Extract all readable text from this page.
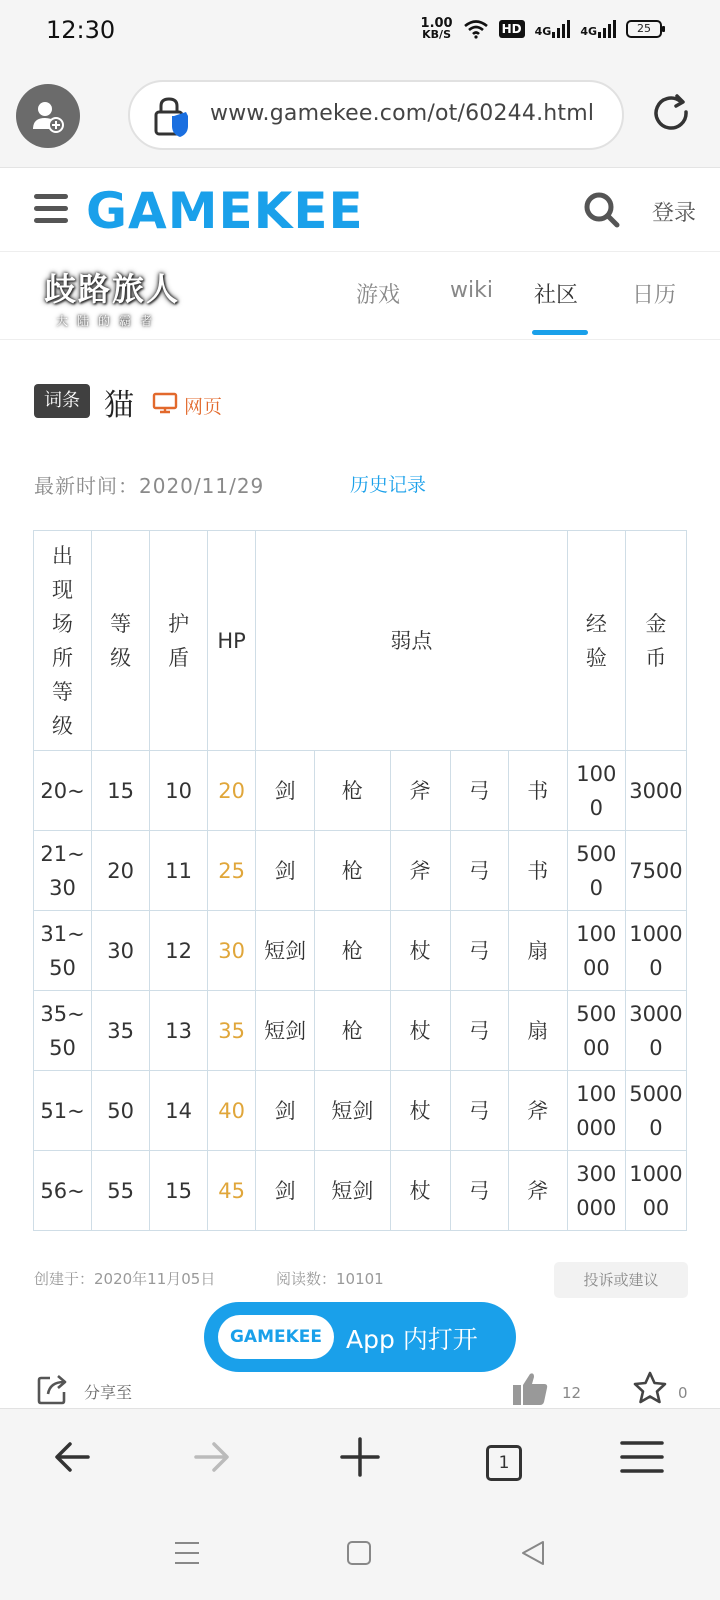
12:30	1.00
KB/S	HD 4G	4G	25
www.gamekee.com/ot/60244.html
GAMEKEE	登录
歧路旅人
大陆的霸者
游戏 wiki 社区 日历
词条 猫	网页
最新时间：2020/11/29	历史记录
出现场所等级	等级	护盾	HP	弱点					经验	金币
20~	15	10	20	剑	枪	斧	弓	书	1000	3000
21~30	20	11	25	剑	枪	斧	弓	书	5000	7500
31~50	30	12	30	短剑	枪	杖	弓	扇	10000	10000
35~50	35	13	35	短剑	枪	杖	弓	扇	50000	30000
51~	50	14	40	剑	短剑	杖	弓	斧	100000	50000
56~	55	15	45	剑	短剑	杖	弓	斧	300000	100000
创建于：2020年11月05日	阅读数：10101	投诉或建议
GAMEKEE App 内打开
分享至	12	0
1
